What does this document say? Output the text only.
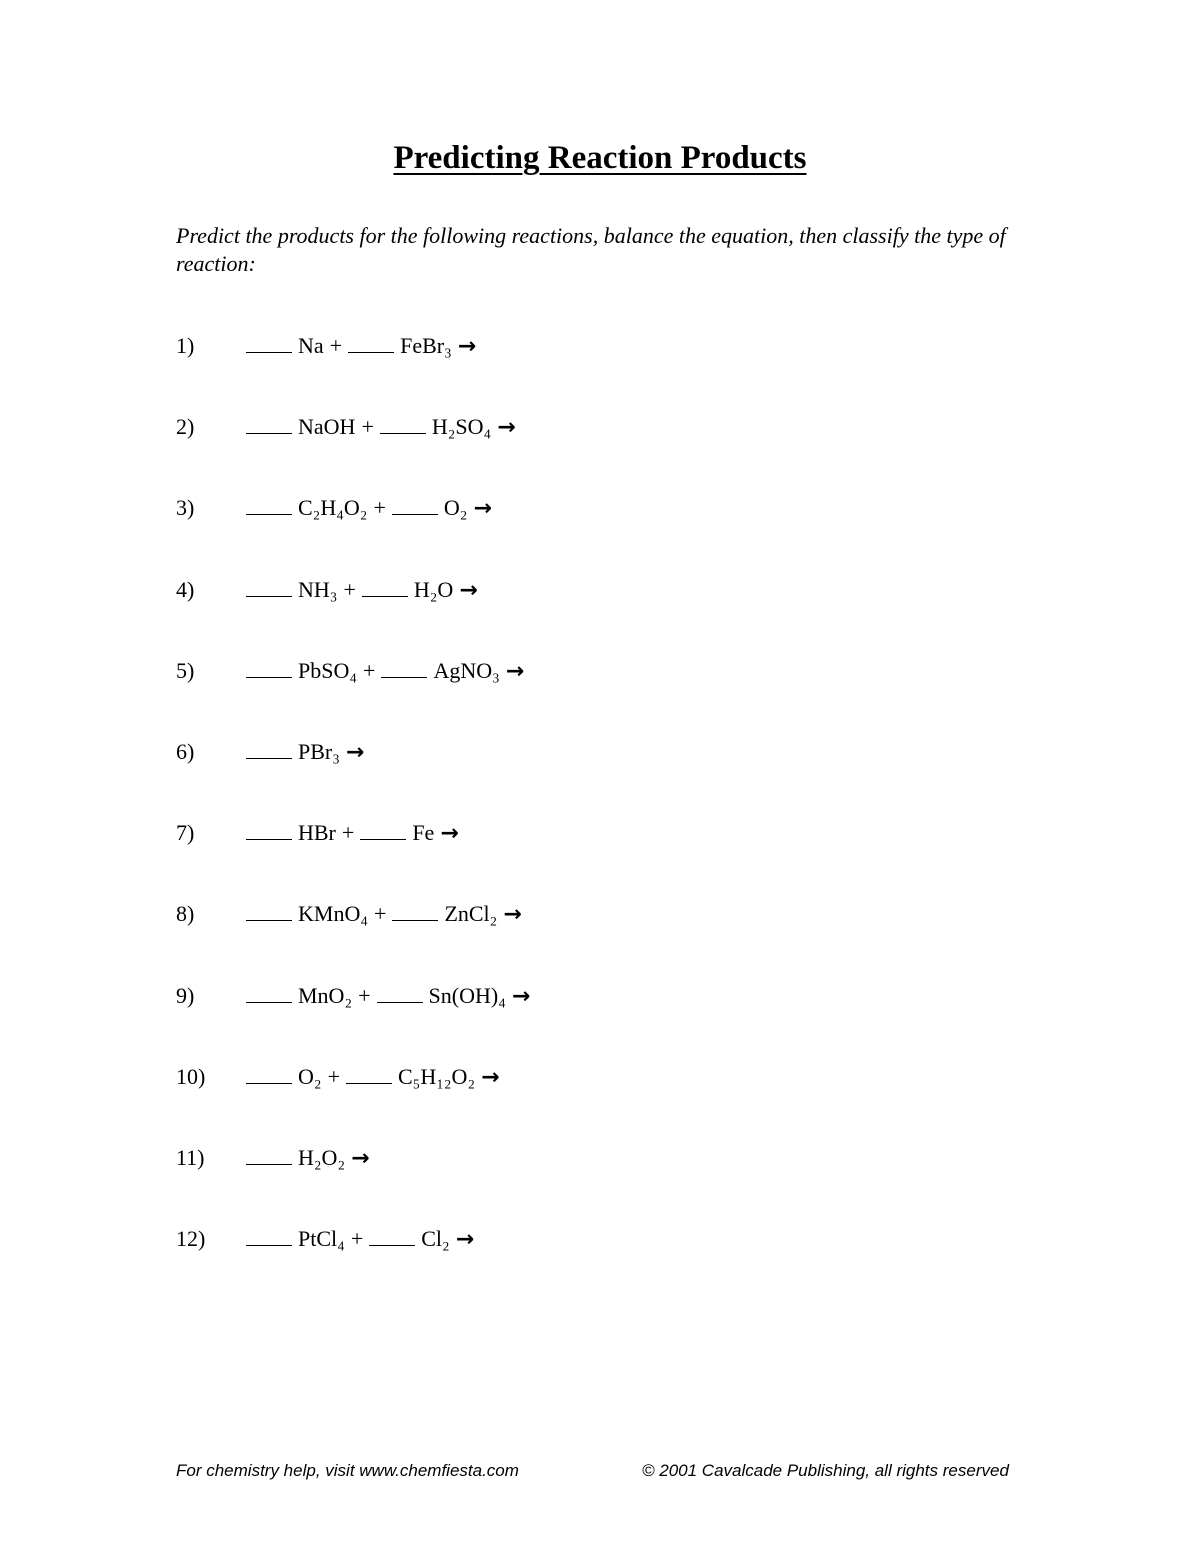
Predicting Reaction Products
Predict the products for the following reactions, balance the equation, then classify the type of reaction:
1)	Na +	FeBr₃ →
2)	NaOH +	H₂SO₄ →
3)	C₂H₄O₂ +	O₂ →
4)	NH₃ +	H₂O →
5)	PbSO₄ +	AgNO₃ →
6)	PBr₃ →
7)	HBr +	Fe →
8)	KMnO₄ +	ZnCl₂ →
9)	MnO₂ +	Sn(OH)₄ →
10)	O₂ +	C₅H₁₂O₂ →
11)	H₂O₂ →
12)	PtCl₄ +	Cl₂ →
For chemistry help, visit www.chemfiesta.com	© 2001 Cavalcade Publishing, all rights reserved
